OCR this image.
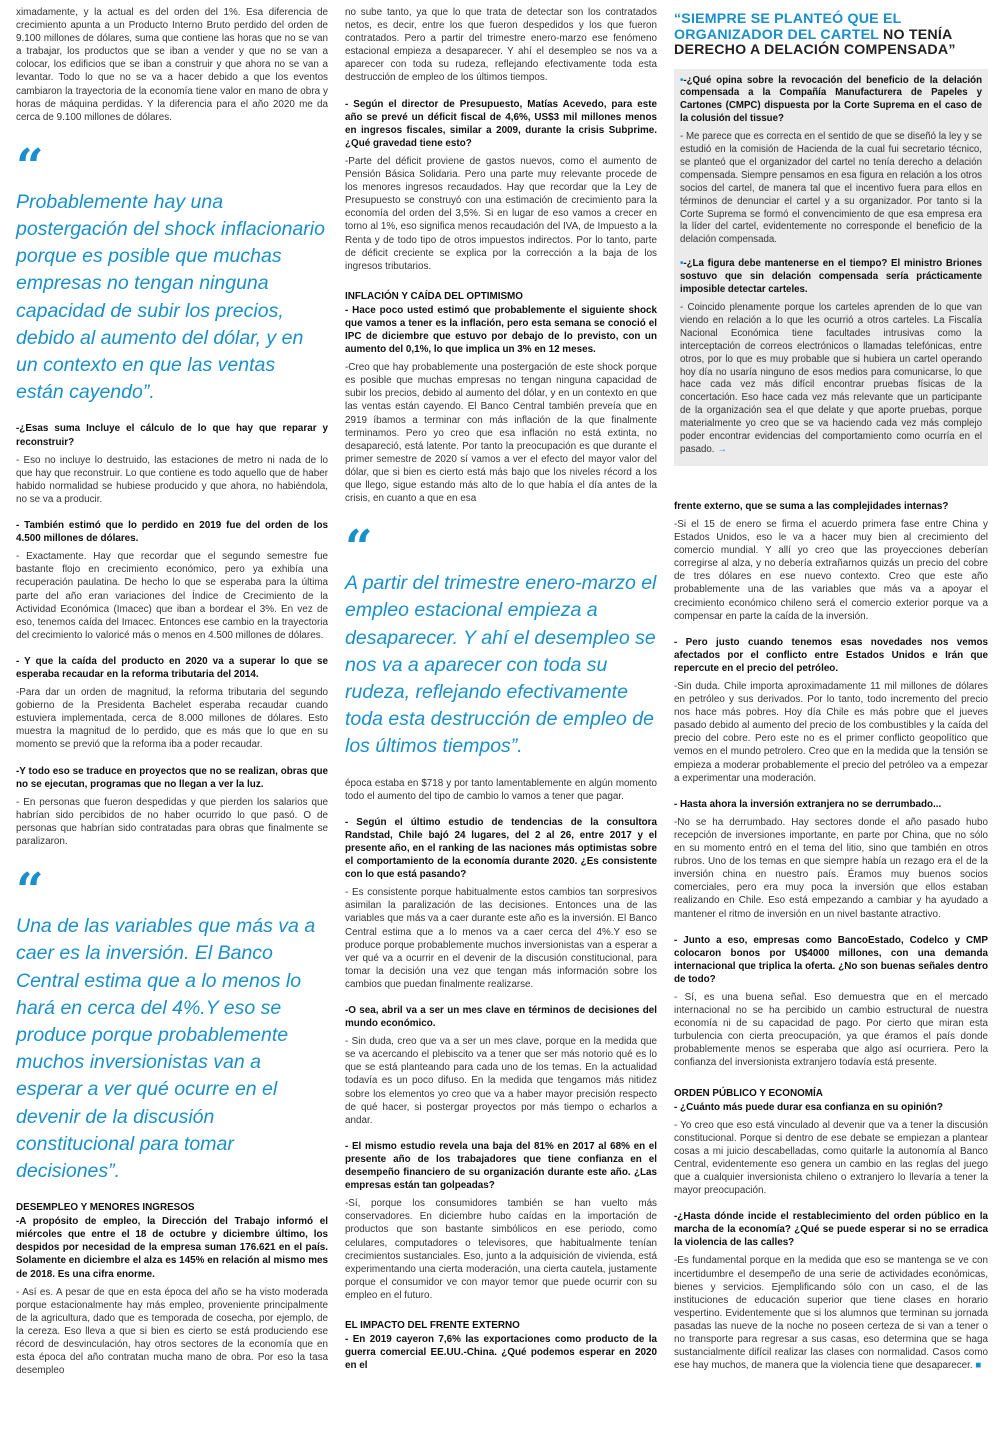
ximadamente, y la actual es del orden del 1%. Esa diferencia de crecimiento apunta a un Producto Interno Bruto perdido del orden de 9.100 millones de dólares, suma que contiene las horas que no se van a trabajar, los productos que se iban a vender y que no se van a colocar, los edificios que se iban a construir y que ahora no se van a levantar. Todo lo que no se va a hacer debido a que los eventos cambiaron la trayectoria de la economía tiene valor en mano de obra y horas de máquina perdidas. Y la diferencia para el año 2020 me da cerca de 9.100 millones de dólares.

“
Probablemente hay una postergación del shock inflacionario porque es posible que muchas empresas no tengan ninguna capacidad de subir los precios, debido al aumento del dólar, y en un contexto en que las ventas están cayendo”.

-¿Esas suma Incluye el cálculo de lo que hay que reparar y reconstruir?

- Eso no incluye lo destruido, las estaciones de metro ni nada de lo que hay que reconstruir. Lo que contiene es todo aquello que de haber habido normalidad se hubiese producido y que ahora, no habiéndola, no se va a producir.

- También estimó que lo perdido en 2019 fue del orden de los 4.500 millones de dólares.

- Exactamente. Hay que recordar que el segundo semestre fue bastante flojo en crecimiento económico, pero ya exhibía una recuperación paulatina. De hecho lo que se esperaba para la última parte del año eran variaciones del Índice de Crecimiento de la Actividad Económica (Imacec) que iban a bordear el 3%. En vez de eso, tenemos caída del Imacec. Entonces ese cambio en la trayectoria del crecimiento lo valoricé más o menos en 4.500 millones de dólares.

- Y que la caída del producto en 2020 va a superar lo que se esperaba recaudar en la reforma tributaria del 2014.

-Para dar un orden de magnitud, la reforma tributaria del segundo gobierno de la Presidenta Bachelet esperaba recaudar cuando estuviera implementada, cerca de 8.000 millones de dólares. Esto muestra la magnitud de lo perdido, que es más que lo que en su momento se previó que la reforma iba a poder recaudar.

-Y todo eso se traduce en proyectos que no se realizan, obras que no se ejecutan, programas que no llegan a ver la luz.

- En personas que fueron despedidas y que pierden los salarios que habrían sido percibidos de no haber ocurrido lo que pasó. O de personas que habrían sido contratadas para obras que finalmente se paralizaron.

“
Una de las variables que más va a caer es la inversión. El Banco Central estima que a lo menos lo hará en cerca del 4%.Y eso se produce porque probablemente muchos inversionistas van a esperar a ver qué ocurre en el devenir de la discusión constitucional para tomar decisiones”.
DESEMPLEO Y MENORES INGRESOS

-A propósito de empleo, la Dirección del Trabajo informó el miércoles que entre el 18 de octubre y diciembre último, los despidos por necesidad de la empresa suman 176.621 en el país. Solamente en diciembre el alza es 145% en relación al mismo mes de 2018. Es una cifra enorme.

- Así es. A pesar de que en esta época del año se ha visto moderada porque estacionalmente hay más empleo, proveniente principalmente de la agricultura, dado que es temporada de cosecha, por ejemplo, de la cereza. Eso lleva a que si bien es cierto se está produciendo ese récord de desvinculación, hay otros sectores de la economía que en esta época del año contratan mucha mano de obra. Por eso la tasa desempleo

no sube tanto, ya que lo que trata de detectar son los contratados netos, es decir, entre los que fueron despedidos y los que fueron contratados. Pero a partir del trimestre enero-marzo ese fenómeno estacional empieza a desaparecer. Y ahí el desempleo se nos va a aparecer con toda su rudeza, reflejando efectivamente toda esta destrucción de empleo de los últimos tiempos.

- Según el director de Presupuesto, Matías Acevedo, para este año se prevé un déficit fiscal de 4,6%, US$3 mil millones menos en ingresos fiscales, similar a 2009, durante la crisis Subprime. ¿Qué gravedad tiene esto?

-Parte del déficit proviene de gastos nuevos, como el aumento de Pensión Básica Solidaria. Pero una parte muy relevante procede de los menores ingresos recaudados. Hay que recordar que la Ley de Presupuesto se construyó con una estimación de crecimiento para la economía del orden del 3,5%. Si en lugar de eso vamos a crecer en torno al 1%, eso significa menos recaudación del IVA, de Impuesto a la Renta y de todo tipo de otros impuestos indirectos. Por lo tanto, parte de déficit creciente se explica por la corrección a la baja de los ingresos tributarios.

INFLACIÓN Y CAÍDA DEL OPTIMISMO

- Hace poco usted estimó que probablemente el siguiente shock que vamos a tener es la inflación, pero esta semana se conoció el IPC de diciembre que estuvo por debajo de lo previsto, con un aumento del 0,1%, lo que implica un 3% en 12 meses.

-Creo que hay probablemente una postergación de este shock porque es posible que muchas empresas no tengan ninguna capacidad de subir los precios, debido al aumento del dólar, y en un contexto en que las ventas están cayendo. El Banco Central también preveía que en 2919 íbamos a terminar con más inflación de la que finalmente terminamos. Pero yo creo que esa inflación no está extinta, no desapareció, está latente. Por tanto la preocupación es que durante el primer semestre de 2020 sí vamos a ver el efecto del mayor valor del dólar, que si bien es cierto está más bajo que los niveles récord a los que llego, sigue estando más alto de lo que había el día antes de la crisis, en cuanto a que en esa

“
A partir del trimestre enero-marzo el empleo estacional empieza a desaparecer. Y ahí el desempleo se nos va a aparecer con toda su rudeza, reflejando efectivamente toda esta destrucción de empleo de los últimos tiempos”.

época estaba en $718 y por tanto lamentablemente en algún momento todo el aumento del tipo de cambio lo vamos a tener que pagar.

- Según el último estudio de tendencias de la consultora Randstad, Chile bajó 24 lugares, del 2 al 26, entre 2017 y el presente año, en el ranking de las naciones más optimistas sobre el comportamiento de la economía durante 2020. ¿Es consistente con lo que está pasando?

- Es consistente porque habitualmente estos cambios tan sorpresivos asimilan la paralización de las decisiones. Entonces una de las variables que más va a caer durante este año es la inversión. El Banco Central estima que a lo menos va a caer cerca del 4%.Y eso se produce porque probablemente muchos inversionistas van a esperar a ver qué va a ocurrir en el devenir de la discusión constitucional, para tomar la decisión una vez que tengan más información sobre los cambios que puedan finalmente realizarse.

-O sea, abril va a ser un mes clave en términos de decisiones del mundo económico.

- Sin duda, creo que va a ser un mes clave, porque en la medida que se va acercando el plebiscito va a tener que ser más notorio qué es lo que se está planteando para cada uno de los temas. En la actualidad todavía es un poco difuso. En la medida que tengamos más nitidez sobre los elementos yo creo que va a haber mayor precisión respecto de qué hacer, si postergar proyectos por más tiempo o echarlos a andar.

- El mismo estudio revela una baja del 81% en 2017 al 68% en el presente año de los trabajadores que tiene confianza en el desempeño financiero de su organización durante este año. ¿Las empresas están tan golpeadas?

-Sí, porque los consumidores también se han vuelto más conservadores. En diciembre hubo caídas en la importación de productos que son bastante simbólicos en ese periodo, como celulares, computadores o televisores, que habitualmente tenían crecimientos sustanciales. Eso, junto a la adquisición de vivienda, está experimentando una cierta moderación, una cierta cautela, justamente porque el consumidor ve con mayor temor que puede ocurrir con su empleo en el futuro.

EL IMPACTO DEL FRENTE EXTERNO

- En 2019 cayeron 7,6% las exportaciones como producto de la guerra comercial EE.UU.-China. ¿Qué podemos esperar en 2020 en el

“SIEMPRE SE PLANTEÓ QUE EL ORGANIZADOR DEL CARTEL NO TENÍA DERECHO A DELACIÓN COMPENSADA”

•-¿Qué opina sobre la revocación del beneficio de la delación compensada a la Compañía Manufacturera de Papeles y Cartones (CMPC) dispuesta por la Corte Suprema en el caso de la colusión del tissue?

- Me parece que es correcta en el sentido de que se diseñó la ley y se estudió en la comisión de Hacienda de la cual fui secretario técnico, se planteó que el organizador del cartel no tenía derecho a delación compensada. Siempre pensamos en esa figura en relación a los otros socios del cartel, de manera tal que el incentivo fuera para ellos en términos de denunciar el cartel y a su organizador. Por tanto si la Corte Suprema se formó el convencimiento de que esa empresa era la líder del cartel, evidentemente no corresponde el beneficio de la delación compensada.

•-¿La figura debe mantenerse en el tiempo? El ministro Briones sostuvo que sin delación compensada sería prácticamente imposible detectar carteles.

- Coincido plenamente porque los carteles aprenden de lo que van viendo en relación a lo que les ocurrió a otros carteles. La Fiscalía Nacional Económica tiene facultades intrusivas como la interceptación de correos electrónicos o llamadas telefónicas, entre otros, por lo que es muy probable que si hubiera un cartel operando hoy día no usaría ninguno de esos medios para comunicarse, lo que hace cada vez más difícil encontrar pruebas físicas de la concertación. Eso hace cada vez más relevante que un participante de la organización sea el que delate y que aporte pruebas, porque materialmente yo creo que se va haciendo cada vez más complejo poder encontrar evidencias del comportamiento como ocurría en el pasado. →

frente externo, que se suma a las complejidades internas?

-Si el 15 de enero se firma el acuerdo primera fase entre China y Estados Unidos, eso le va a hacer muy bien al crecimiento del comercio mundial. Y allí yo creo que las proyecciones deberían corregirse al alza, y no debería extrañarnos quizás un precio del cobre de tres dólares en ese nuevo contexto. Creo que este año probablemente una de las variables que más va a apoyar el crecimiento económico chileno será el comercio exterior porque va a compensar en parte la caída de la inversión.

- Pero justo cuando tenemos esas novedades nos vemos afectados por el conflicto entre Estados Unidos e Irán que repercute en el precio del petróleo.

-Sin duda. Chile importa aproximadamente 11 mil millones de dólares en petróleo y sus derivados. Por lo tanto, todo incremento del precio nos hace más pobres. Hoy día Chile es más pobre que el jueves pasado debido al aumento del precio de los combustibles y la caída del precio del cobre. Pero este no es el primer conflicto geopolítico que vemos en el mundo petrolero. Creo que en la medida que la tensión se empieza a moderar probablemente el precio del petróleo va a empezar a experimentar una moderación.

- Hasta ahora la inversión extranjera no se derrumbado...

-No se ha derrumbado. Hay sectores donde el año pasado hubo recepción de inversiones importante, en parte por China, que no sólo en su momento entró en el tema del litio, sino que también en otros rubros. Uno de los temas en que siempre había un rezago era el de la inversión china en nuestro país. Éramos muy buenos socios comerciales, pero era muy poca la inversión que ellos estaban realizando en Chile. Eso está empezando a cambiar y ha ayudado a mantener el ritmo de inversión en un nivel bastante atractivo.

- Junto a eso, empresas como BancoEstado, Codelco y CMP colocaron bonos por U$4000 millones, con una demanda internacional que triplica la oferta. ¿No son buenas señales dentro de todo?

- Sí, es una buena señal. Eso demuestra que en el mercado internacional no se ha percibido un cambio estructural de nuestra economía ni de su capacidad de pago. Por cierto que miran esta turbulencia con cierta preocupación, ya que éramos el país donde probablemente menos se esperaba que algo así ocurriera. Pero la confianza del inversionista extranjero todavía está presente.

ORDEN PÚBLICO Y ECONOMÍA

- ¿Cuánto más puede durar esa confianza en su opinión?

- Yo creo que eso está vinculado al devenir que va a tener la discusión constitucional. Porque si dentro de ese debate se empiezan a plantear cosas a mi juicio descabelladas, como quitarle la autonomía al Banco Central, evidentemente eso genera un cambio en las reglas del juego que a cualquier inversionista chileno o extranjero lo llevaría a tener la mayor preocupación.

-¿Hasta dónde incide el restablecimiento del orden público en la marcha de la economía? ¿Qué se puede esperar si no se erradica la violencia de las calles?

-Es fundamental porque en la medida que eso se mantenga se ve con incertidumbre el desempeño de una serie de actividades económicas, bienes y servicios. Ejemplificando sólo con un caso, el de las instituciones de educación superior que tiene clases en horario vespertino. Evidentemente que si los alumnos que terminan su jornada pasadas las nueve de la noche no poseen certeza de si van a tener o no transporte para regresar a sus casas, eso determina que se haga sustancialmente difícil realizar las clases con normalidad. Casos como ese hay muchos, de manera que la violencia tiene que desaparecer. ■
